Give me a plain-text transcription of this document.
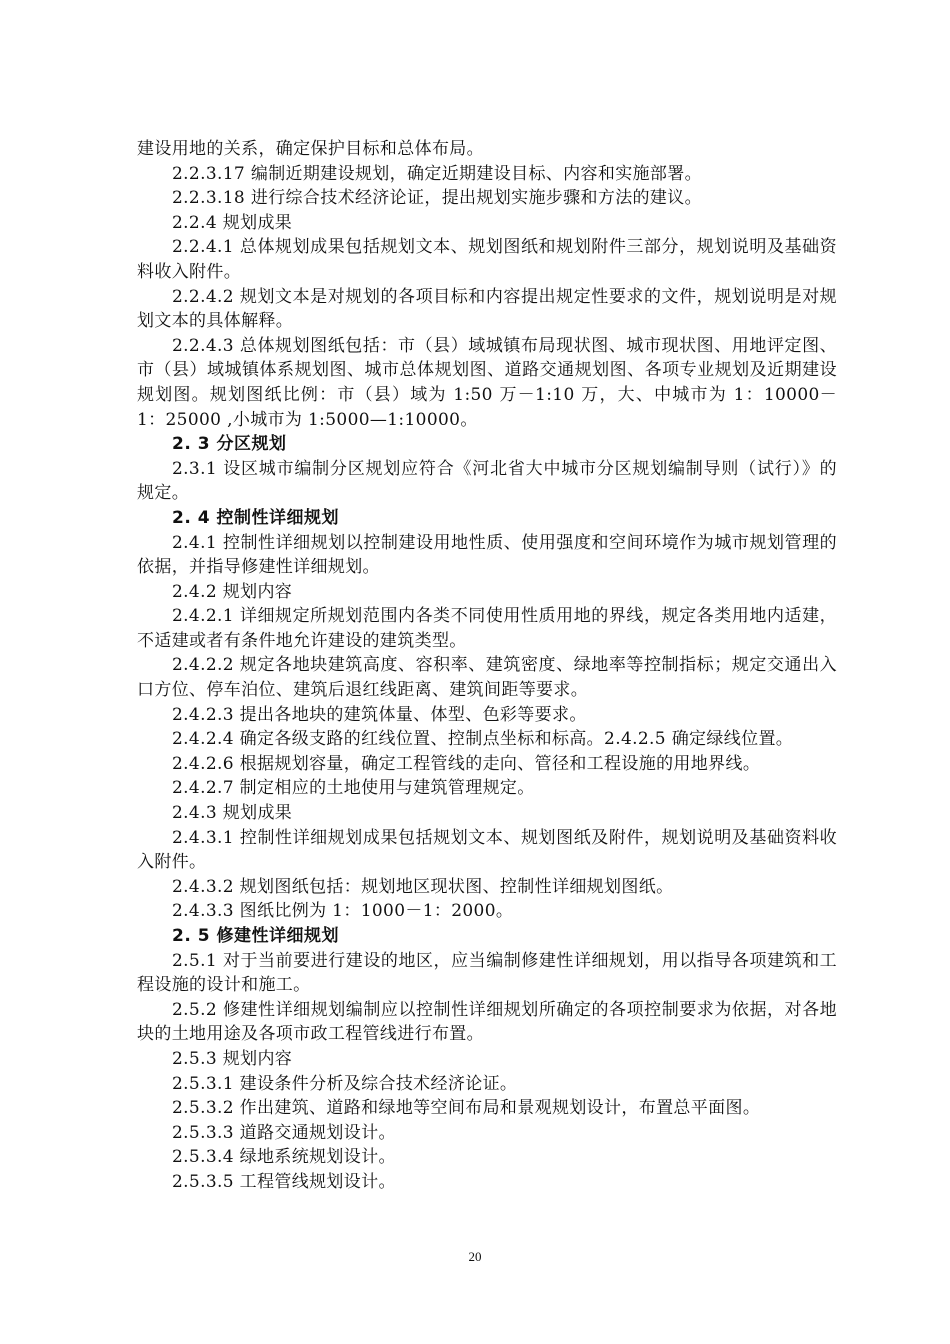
建设用地的关系，确定保护目标和总体布局。

2.2.3.17 编制近期建设规划，确定近期建设目标、内容和实施部署。

2.2.3.18 进行综合技术经济论证，提出规划实施步骤和方法的建议。

2.2.4 规划成果

2.2.4.1 总体规划成果包括规划文本、规划图纸和规划附件三部分，规划说明及基础资料收入附件。

2.2.4.2 规划文本是对规划的各项目标和内容提出规定性要求的文件，规划说明是对规划文本的具体解释。

2.2.4.3 总体规划图纸包括：市（县）域城镇布局现状图、城市现状图、用地评定图、市（县）域城镇体系规划图、城市总体规划图、道路交通规划图、各项专业规划及近期建设规划图。规划图纸比例：市（县）域为 1:50 万－1:10 万，大、中城市为 1：10000－1：25000 ,小城市为 1:5000—1:10000。

2. 3 分区规划

2.3.1 设区城市编制分区规划应符合《河北省大中城市分区规划编制导则（试行）》的规定。

2. 4 控制性详细规划

2.4.1 控制性详细规划以控制建设用地性质、使用强度和空间环境作为城市规划管理的依据，并指导修建性详细规划。

2.4.2 规划内容

2.4.2.1 详细规定所规划范围内各类不同使用性质用地的界线，规定各类用地内适建，不适建或者有条件地允许建设的建筑类型。

2.4.2.2 规定各地块建筑高度、容积率、建筑密度、绿地率等控制指标；规定交通出入口方位、停车泊位、建筑后退红线距离、建筑间距等要求。

2.4.2.3 提出各地块的建筑体量、体型、色彩等要求。

2.4.2.4 确定各级支路的红线位置、控制点坐标和标高。2.4.2.5 确定绿线位置。

2.4.2.6 根据规划容量，确定工程管线的走向、管径和工程设施的用地界线。

2.4.2.7 制定相应的土地使用与建筑管理规定。

2.4.3 规划成果

2.4.3.1 控制性详细规划成果包括规划文本、规划图纸及附件，规划说明及基础资料收入附件。

2.4.3.2 规划图纸包括：规划地区现状图、控制性详细规划图纸。

2.4.3.3 图纸比例为 1：1000－1：2000。

2. 5 修建性详细规划

2.5.1 对于当前要进行建设的地区，应当编制修建性详细规划，用以指导各项建筑和工程设施的设计和施工。

2.5.2 修建性详细规划编制应以控制性详细规划所确定的各项控制要求为依据，对各地块的土地用途及各项市政工程管线进行布置。

2.5.3 规划内容

2.5.3.1 建设条件分析及综合技术经济论证。

2.5.3.2 作出建筑、道路和绿地等空间布局和景观规划设计，布置总平面图。

2.5.3.3 道路交通规划设计。

2.5.3.4 绿地系统规划设计。

2.5.3.5 工程管线规划设计。

20
